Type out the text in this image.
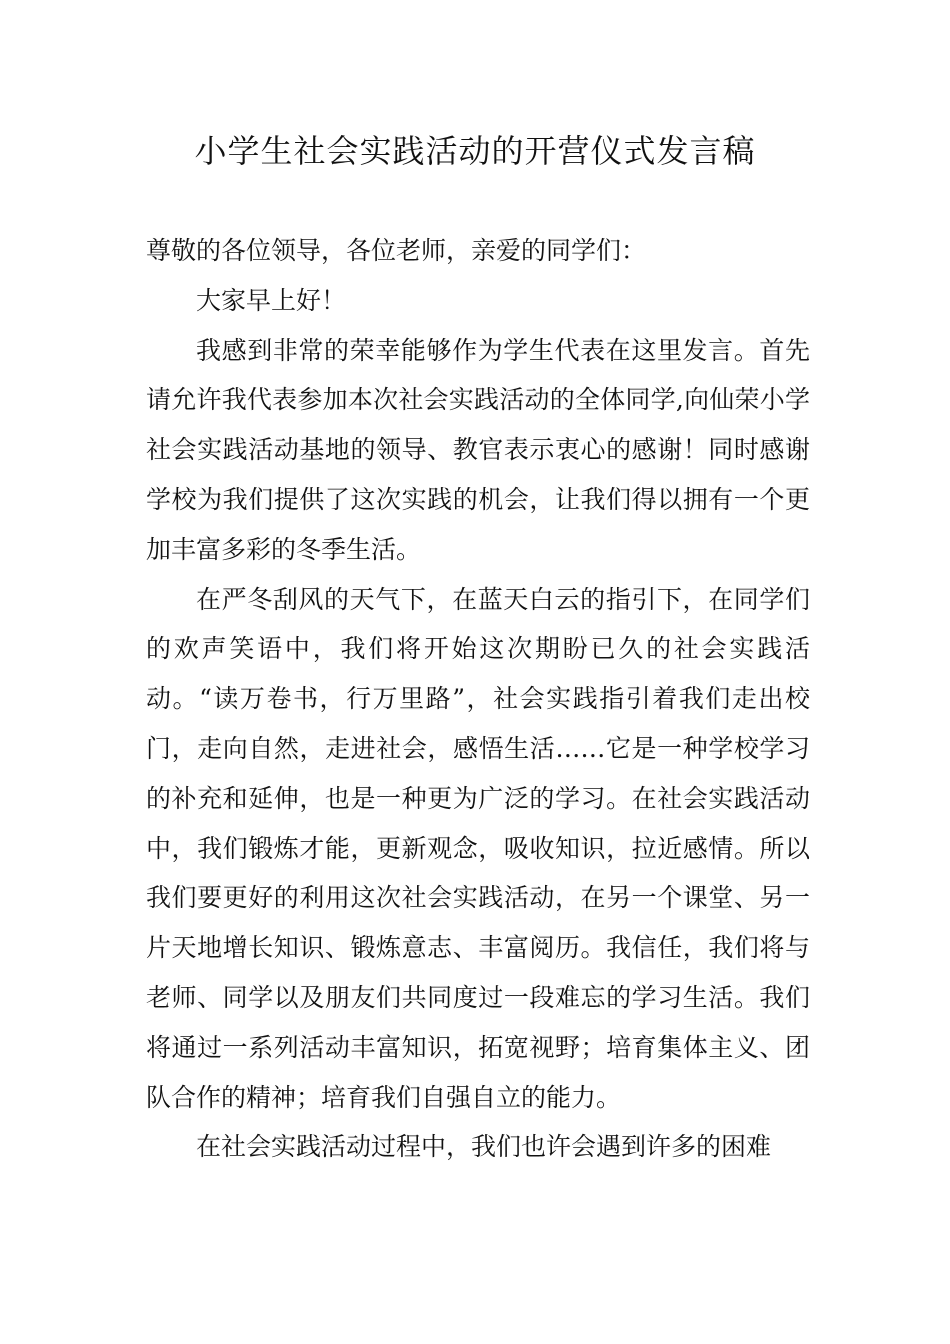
小学生社会实践活动的开营仪式发言稿

尊敬的各位领导，各位老师，亲爱的同学们：

大家早上好！

我感到非常的荣幸能够作为学生代表在这里发言。首先请允许我代表参加本次社会实践活动的全体同学,向仙荣小学社会实践活动基地的领导、教官表示衷心的感谢！同时感谢学校为我们提供了这次实践的机会，让我们得以拥有一个更加丰富多彩的冬季生活。

在严冬刮风的天气下，在蓝天白云的指引下，在同学们的欢声笑语中，我们将开始这次期盼已久的社会实践活动。“读万卷书，行万里路”，社会实践指引着我们走出校门，走向自然，走进社会，感悟生活……它是一种学校学习的补充和延伸，也是一种更为广泛的学习。在社会实践活动中，我们锻炼才能，更新观念，吸收知识，拉近感情。所以我们要更好的利用这次社会实践活动，在另一个课堂、另一片天地增长知识、锻炼意志、丰富阅历。我信任，我们将与老师、同学以及朋友们共同度过一段难忘的学习生活。我们将通过一系列活动丰富知识，拓宽视野；培育集体主义、团队合作的精神；培育我们自强自立的能力。

在社会实践活动过程中，我们也许会遇到许多的困难
